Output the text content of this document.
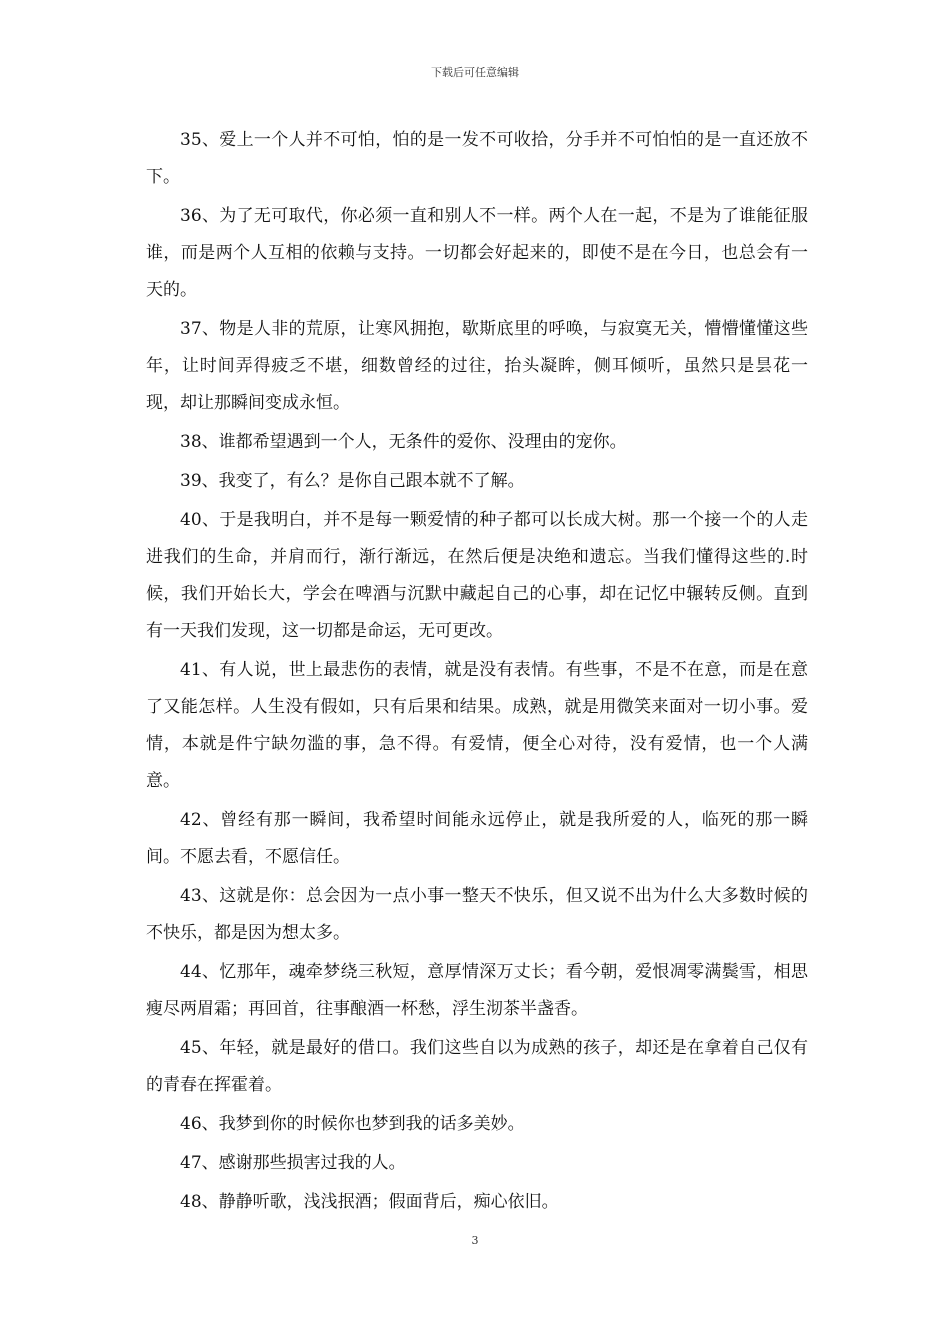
下载后可任意编辑

35、爱上一个人并不可怕，怕的是一发不可收拾，分手并不可怕怕的是一直还放不下。

36、为了无可取代，你必须一直和别人不一样。两个人在一起，不是为了谁能征服谁，而是两个人互相的依赖与支持。一切都会好起来的，即使不是在今日，也总会有一天的。

37、物是人非的荒原，让寒风拥抱，歇斯底里的呼唤，与寂寞无关，懵懵懂懂这些年，让时间弄得疲乏不堪，细数曾经的过往，抬头凝眸，侧耳倾听，虽然只是昙花一现，却让那瞬间变成永恒。

38、谁都希望遇到一个人，无条件的爱你、没理由的宠你。

39、我变了，有么？是你自己跟本就不了解。

40、于是我明白，并不是每一颗爱情的种子都可以长成大树。那一个接一个的人走进我们的生命，并肩而行，渐行渐远，在然后便是决绝和遗忘。当我们懂得这些的.时候，我们开始长大，学会在啤酒与沉默中藏起自己的心事，却在记忆中辗转反侧。直到有一天我们发现，这一切都是命运，无可更改。

41、有人说，世上最悲伤的表情，就是没有表情。有些事，不是不在意，而是在意了又能怎样。人生没有假如，只有后果和结果。成熟，就是用微笑来面对一切小事。爱情，本就是件宁缺勿滥的事，急不得。有爱情，便全心对待，没有爱情，也一个人满意。

42、曾经有那一瞬间，我希望时间能永远停止，就是我所爱的人，临死的那一瞬间。不愿去看，不愿信任。

43、这就是你：总会因为一点小事一整天不快乐，但又说不出为什么大多数时候的不快乐，都是因为想太多。

44、忆那年，魂牵梦绕三秋短，意厚情深万丈长；看今朝，爱恨凋零满鬓雪，相思瘦尽两眉霜；再回首，往事酿酒一杯愁，浮生沏茶半盏香。

45、年轻，就是最好的借口。我们这些自以为成熟的孩子，却还是在拿着自己仅有的青春在挥霍着。

46、我梦到你的时候你也梦到我的话多美妙。

47、感谢那些损害过我的人。

48、静静听歌，浅浅抿酒；假面背后，痴心依旧。

3
